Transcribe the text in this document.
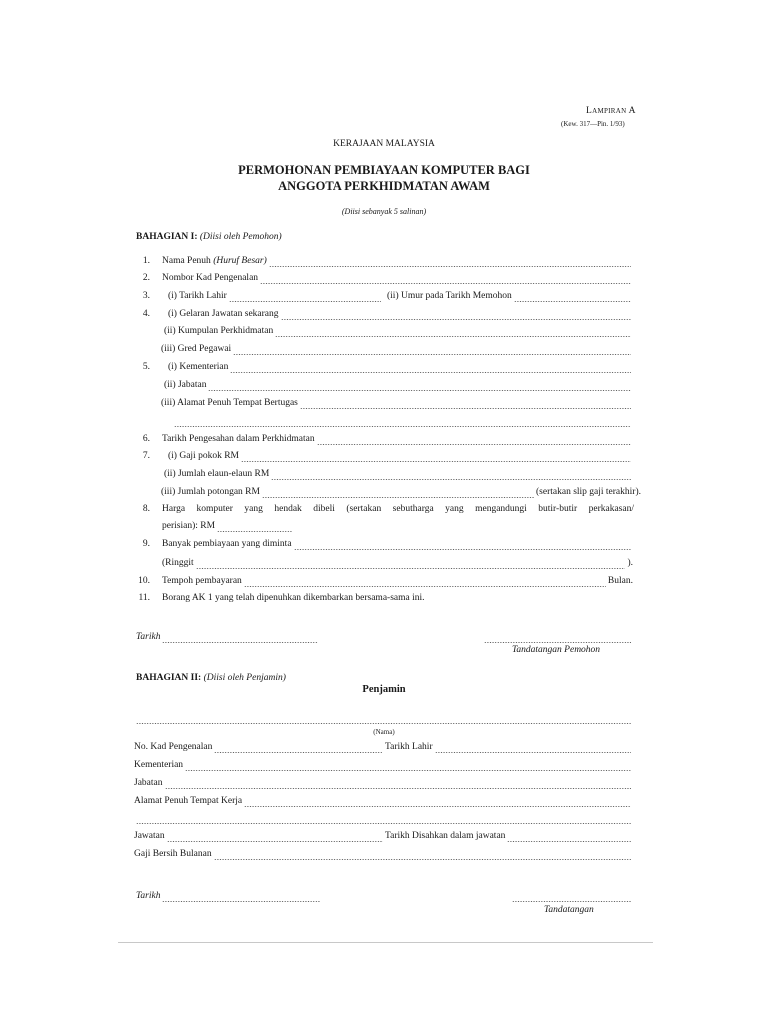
Lampiran A
(Kew. 317—Pin. 1/93)
KERAJAAN MALAYSIA
PERMOHONAN PEMBIAYAAN KOMPUTER BAGI
ANGGOTA PERKHIDMATAN AWAM
(Diisi sebanyak 5 salinan)
BAHAGIAN I: (Diisi oleh Pemohon)
1. Nama Penuh
(Huruf Besar)
2. Nombor Kad Pengenalan
3. (i) Tarikh Lahir	(ii) Umur pada Tarikh Memohon
4. (i) Gelaran Jawatan sekarang
(ii) Kumpulan Perkhidmatan
(iii) Gred Pegawai
5. (i) Kementerian
(ii) Jabatan
(iii) Alamat Penuh Tempat Bertugas
6. Tarikh Pengesahan dalam Perkhidmatan
7. (i) Gaji pokok RM
(ii) Jumlah elaun-elaun RM
(iii) Jumlah potongan RM	(sertakan slip gaji terakhir).
8. Harga komputer yang hendak dibeli (sertakan sebutharga yang mengandungi butir-butir perkakasan/
perisian): RM
9. Banyak pembiayaan yang diminta
(Ringgit	).
10. Tempoh pembayaran	Bulan.
11. Borang AK 1 yang telah dipenuhkan dikembarkan bersama-sama ini.
Tarikh
Tandatangan Pemohon
BAHAGIAN II: (Diisi oleh Penjamin)
Penjamin
(Nama)
No. Kad Pengenalan	Tarikh Lahir
Kementerian
Jabatan
Alamat Penuh Tempat Kerja
Jawatan	Tarikh Disahkan dalam jawatan
Gaji Bersih Bulanan
Tarikh
Tandatangan
